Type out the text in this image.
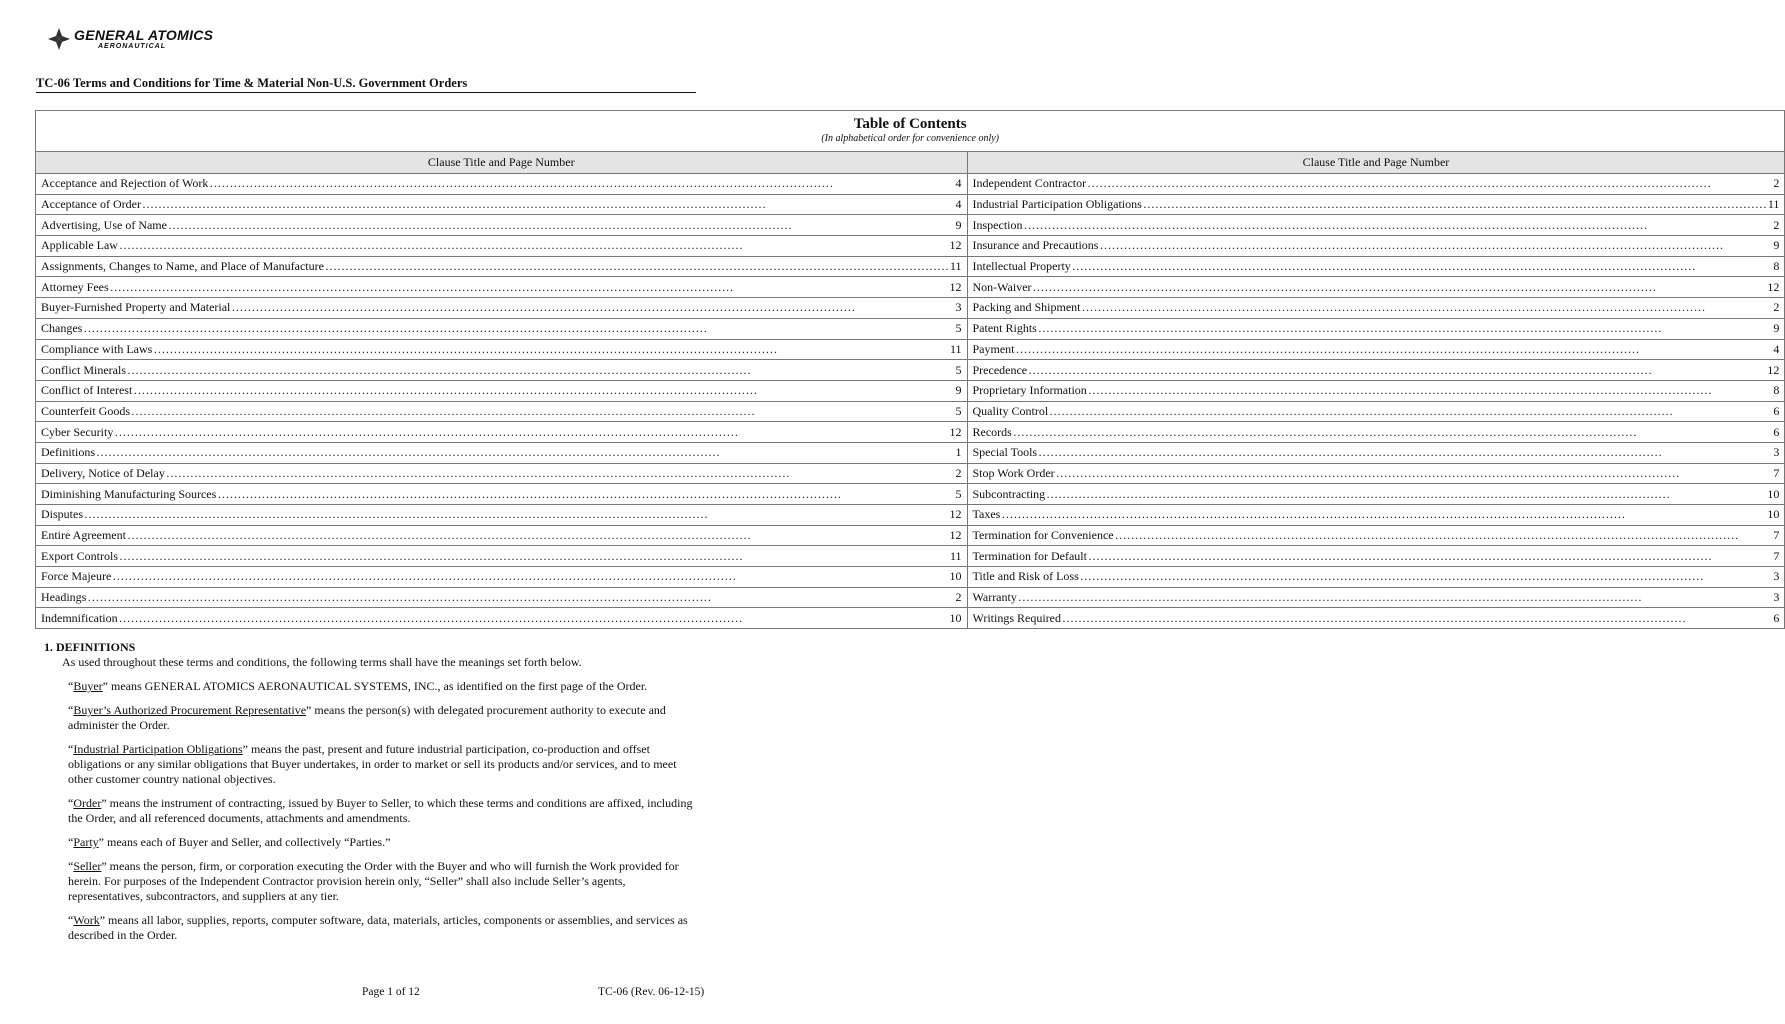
GENERAL ATOMICS
AERONAUTICAL
TC-06 Terms and Conditions for Time & Material Non-U.S. Government Orders
Table of Contents
(In alphabetical order for convenience only)	

Clause Title and Page Number	Clause Title and Page Number

Acceptance and Rejection of Work ………………………………………………………………………………………………………………………………………… 4	Independent Contractor ………………………………………………………………………………………………………………………………………… 2

Acceptance of Order ………………………………………………………………………………………………………………………………………… 4	Industrial Participation Obligations ………………………………………………………………………………………………………………………………………… 11

Advertising, Use of Name ………………………………………………………………………………………………………………………………………… 9	Inspection ………………………………………………………………………………………………………………………………………… 2

Applicable Law ………………………………………………………………………………………………………………………………………… 12	Insurance and Precautions ………………………………………………………………………………………………………………………………………… 9

Assignments, Changes to Name, and Place of Manufacture ………………………………………………………………………………………………………………………………………… 11	Intellectual Property ………………………………………………………………………………………………………………………………………… 8

Attorney Fees ………………………………………………………………………………………………………………………………………… 12	Non-Waiver ………………………………………………………………………………………………………………………………………… 12

Buyer-Furnished Property and Material ………………………………………………………………………………………………………………………………………… 3	Packing and Shipment ………………………………………………………………………………………………………………………………………… 2

Changes ………………………………………………………………………………………………………………………………………… 5	Patent Rights ………………………………………………………………………………………………………………………………………… 9

Compliance with Laws ………………………………………………………………………………………………………………………………………… 11	Payment ………………………………………………………………………………………………………………………………………… 4

Conflict Minerals ………………………………………………………………………………………………………………………………………… 5	Precedence ………………………………………………………………………………………………………………………………………… 12

Conflict of Interest ………………………………………………………………………………………………………………………………………… 9	Proprietary Information ………………………………………………………………………………………………………………………………………… 8

Counterfeit Goods ………………………………………………………………………………………………………………………………………… 5	Quality Control ………………………………………………………………………………………………………………………………………… 6

Cyber Security ………………………………………………………………………………………………………………………………………… 12	Records ………………………………………………………………………………………………………………………………………… 6

Definitions ………………………………………………………………………………………………………………………………………… 1	Special Tools ………………………………………………………………………………………………………………………………………… 3

Delivery, Notice of Delay ………………………………………………………………………………………………………………………………………… 2	Stop Work Order ………………………………………………………………………………………………………………………………………… 7

Diminishing Manufacturing Sources ………………………………………………………………………………………………………………………………………… 5	Subcontracting ………………………………………………………………………………………………………………………………………… 10

Disputes ………………………………………………………………………………………………………………………………………… 12	Taxes ………………………………………………………………………………………………………………………………………… 10

Entire Agreement ………………………………………………………………………………………………………………………………………… 12	Termination for Convenience ………………………………………………………………………………………………………………………………………… 7

Export Controls ………………………………………………………………………………………………………………………………………… 11	Termination for Default ………………………………………………………………………………………………………………………………………… 7

Force Majeure ………………………………………………………………………………………………………………………………………… 10	Title and Risk of Loss ………………………………………………………………………………………………………………………………………… 3

Headings ………………………………………………………………………………………………………………………………………… 2	Warranty ………………………………………………………………………………………………………………………………………… 3

Indemnification ………………………………………………………………………………………………………………………………………… 10	Writings Required ………………………………………………………………………………………………………………………………………… 6
1. DEFINITIONS

As used throughout these terms and conditions, the following terms shall have the meanings set forth below.

“Buyer” means GENERAL ATOMICS AERONAUTICAL SYSTEMS, INC., as identified on the first page of the Order.

“Buyer’s Authorized Procurement Representative” means the person(s) with delegated procurement authority to execute and administer the Order.

“Industrial Participation Obligations” means the past, present and future industrial participation, co-production and offset obligations or any similar obligations that Buyer undertakes, in order to market or sell its products and/or services, and to meet other customer country national objectives.

“Order” means the instrument of contracting, issued by Buyer to Seller, to which these terms and conditions are affixed, including the Order, and all referenced documents, attachments and amendments.

“Party” means each of Buyer and Seller, and collectively “Parties.”

“Seller” means the person, firm, or corporation executing the Order with the Buyer and who will furnish the Work provided for herein. For purposes of the Independent Contractor provision herein only, “Seller” shall also include Seller’s agents, representatives, subcontractors, and suppliers at any tier.

“Work” means all labor, supplies, reports, computer software, data, materials, articles, components or assemblies, and services as described in the Order.

Page 1 of 12	TC-06 (Rev. 06-12-15)
